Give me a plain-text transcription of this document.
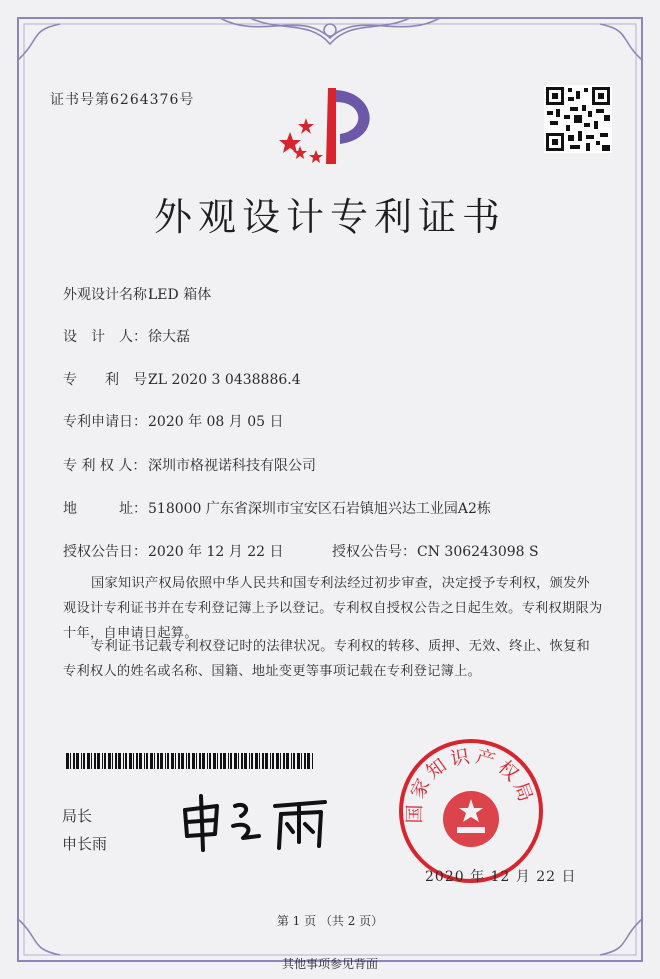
证书号第6264376号
外观设计专利证书
外观设计名称：LED 箱体
设　计　人：徐大磊
专　　利　号：ZL 2020 3 0438886.4
专利申请日：2020 年 08 月 05 日
专 利 权 人： 深圳市格视诺科技有限公司
地　　　址：518000 广东省深圳市宝安区石岩镇旭兴达工业园A2栋
授权公告日：2020 年 12 月 22 日	授权公告号：CN 306243098 S
国家知识产权局依照中华人民共和国专利法经过初步审查，决定授予专利权，颁发外观设计专利证书并在专利登记簿上予以登记。专利权自授权公告之日起生效。专利权期限为十年，自申请日起算。
专利证书记载专利权登记时的法律状况。专利权的转移、质押、无效、终止、恢复和专利权人的姓名或名称、国籍、地址变更等事项记载在专利登记簿上。
局长
申长雨
国家知识产权局
2020 年 12 月 22 日
第 1 页 （共 2 页）
其他事项参见背面
